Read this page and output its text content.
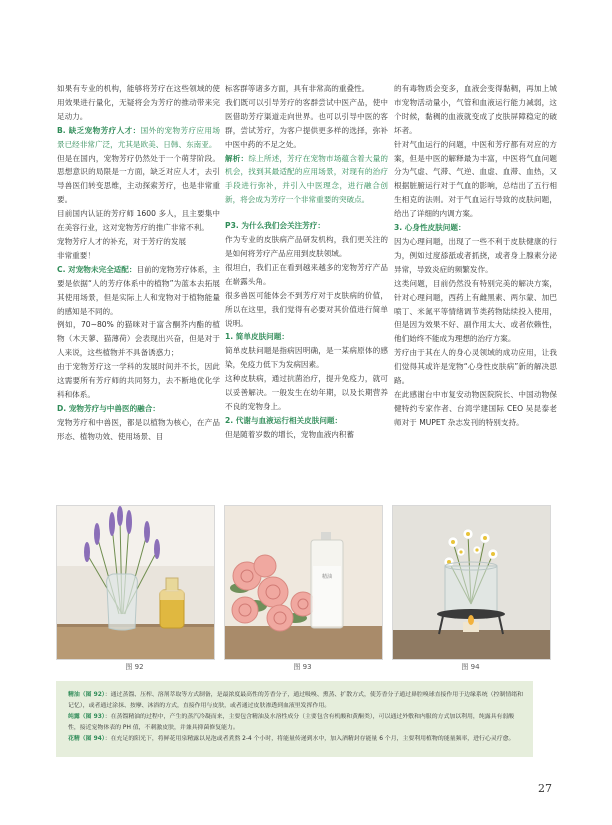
如果有专业的机构，能够将芳疗在这些领域的使用效果进行量化，无疑将会为芳疗的推动带来完足动力。

B. 缺乏宠物芳疗人才：国外的宠物芳疗应用场景已经非常广泛，尤其是欧美、日韩、东南亚。

但是在国内，宠物芳疗仍然处于一个萌芽阶段。思想意识的局限是一方面，缺乏对应人才，去引导兽医们转变思维，主动探索芳疗，也是非常重要。

目前国内认证的芳疗师 1600 多人，且主要集中在美容行业，这对宠物芳疗的推广非常不利。

宠物芳疗人才的补充，对于芳疗的发展
非常重要！

C. 对宠物未完全适配：目前的宠物芳疗体系，主要是依据“人的芳疗体系中的植物”为蓝本去拓展其使用场景，但是实际上人和宠物对于植物能量的感知是不同的。

例如，70~80% 的猫咪对于富含酮芥内酯的植物（木天蓼、猫薄荷）会表现出兴奋，但是对于人来说，这些植物并不具备诱惑力；

由于宠物芳疗这一学科的发展时间并不长，因此这需要所有芳疗师的共同努力，去不断地优化学科和体系。

D. 宠物芳疗与中兽医的融合：

宠物芳疗和中兽医，都是以植物为核心，在产品形态、植物功效、使用场景、目

标客群等诸多方面，具有非常高的重叠性。

我们既可以引导芳疗的客群尝试中医产品，使中医借助芳疗渠道走向世界。也可以引导中医的客群，尝试芳疗，为客户提供更多样的选择，弥补中医中药的不足之处。

解析：综上所述，芳疗在宠物市场蕴含着大量的机会，找到其最适配的应用场景，对现有的治疗手段进行弥补，并引入中医理念，进行融合创新，将会成为芳疗一个非常重要的突破点。

P3. 为什么我们会关注芳疗：

作为专业的皮肤病产品研发机构，我们更关注的是如何将芳疗产品应用到皮肤领域。

很坦白，我们正在看到越来越多的宠物芳疗产品在崭露头角。

很多兽医可能体会不到芳疗对于皮肤病的价值，所以在这里，我们觉得有必要对其价值进行简单说明。

1. 简单皮肤问题：

简单皮肤问题是指病因明确，是一某病原体的感染，免疫力低下为发病因素。

这种皮肤病，通过抗菌治疗，提升免疫力，就可以妥善解决。一般发生在幼年期，以及长期营养不良的宠物身上。

2. 代谢与血液运行相关皮肤问题：

但是随着岁数的增长，宠物血液内积蓄

的有毒物质会变多，血液会变得黏稠，再加上城市宠物活动量小，气管和血液运行能力减弱，这个时候，黏稠的血液就变成了皮肤屏障稳定的破坏者。

针对气血运行的问题，中医和芳疗都有对应的方案，但是中医的解释最为丰富，中医将气血问题分为气虚、气滞、气逆、血虚、血滞、血热，又根据脏腑运行对于气血的影响，总结出了五行相生相克的法则。对于气血运行导致的皮肤问题，给出了详细的内调方案。

3. 心身性皮肤问题：

因为心理问题，出现了一些不利于皮肤健康的行为，例如过度舔舐或者抓挠，或者身上腺素分泌异常，导致炎症的频繁发作。

这类问题，目前仍然没有特别完美的解决方案，针对心理问题，西药上有雌黑素、两尔蒙、加巴喷丁、米氮平等情绪调节类药物陆续投入使用，但是因为效果不好、副作用太大、或者依赖性，他们始终不能成为理想的治疗方案。

芳疗由于其在人的身心灵领域的成功应用，让我们觉得其或许是宠物“心身性皮肤病”新的解决思路。

在此感谢台中市复安动物医院院长、中国动物保健特约专家作者、台湾学建国际 CEO 吴昆泰老师对于 MUPET 杂志发刊的特别支持。

精油
图 92	图 93	图 94

精油（图 92）：通过蒸馏、压榨、溶剂萃取等方式制备，是最浓度最高性的芳香分子，通过吸嗅、熏蒸、扩散方式，使芳香分子通过鼻腔嗅球直接作用于边缘系统（控制情绪和记忆），或者通过涂抹、按摩、沐浴的方式，直接作用与皮肤，或者通过皮肤渗透到血液里发挥作用。

纯露（图 93）：在蒸馏精油的过程中，产生的蒸汽冷凝而来，主要包含精油及水溶性成分（主要包含有机酸和黄酮类），可以通过外敷和内服的方式加以利用，纯露具有弱酸性，接近宠物体表的 PH 值，不刺激皮肤，并兼具抑菌修复能力。

花精（图 94）：在充足的阳光下，将鲜花用泉精露以晃泡或者煮熬 2-4 个小时，将能量传递到水中，加入酒精封存能量 6 个月，主要利用植物的能量频率，进行心灵疗愈。

27
